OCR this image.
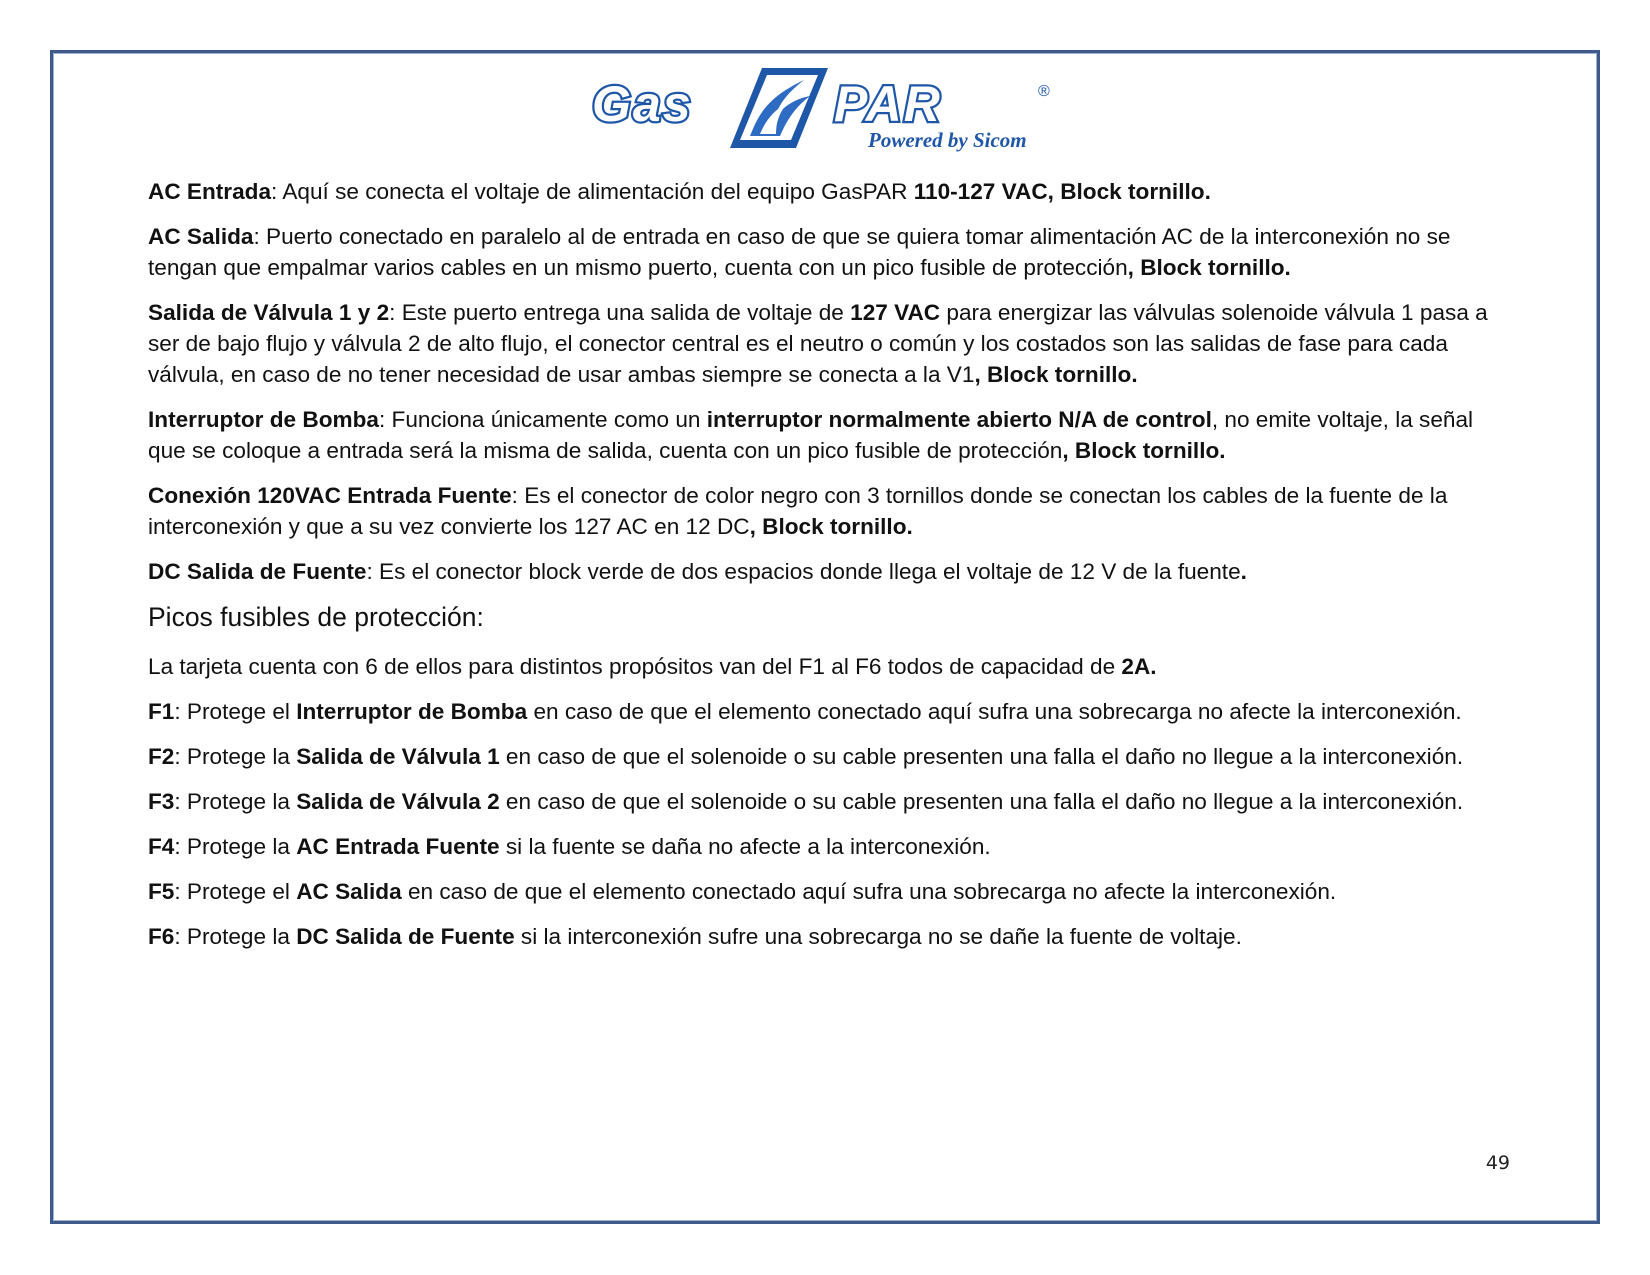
Gas	PAR	®
Powered by Sicom

AC Entrada: Aquí se conecta el voltaje de alimentación del equipo GasPAR 110-127 VAC, Block tornillo.

AC Salida: Puerto conectado en paralelo al de entrada en caso de que se quiera tomar alimentación AC de la interconexión no se tengan que empalmar varios cables en un mismo puerto, cuenta con un pico fusible de protección, Block tornillo.

Salida de Válvula 1 y 2: Este puerto entrega una salida de voltaje de 127 VAC para energizar las válvulas solenoide válvula 1 pasa a ser de bajo flujo y válvula 2 de alto flujo, el conector central es el neutro o común y los costados son las salidas de fase para cada válvula, en caso de no tener necesidad de usar ambas siempre se conecta a la V1, Block tornillo.

Interruptor de Bomba: Funciona únicamente como un interruptor normalmente abierto N/A de control, no emite voltaje, la señal que se coloque a entrada será la misma de salida, cuenta con un pico fusible de protección, Block tornillo.

Conexión 120VAC Entrada Fuente: Es el conector de color negro con 3 tornillos donde se conectan los cables de la fuente de la interconexión y que a su vez convierte los 127 AC en 12 DC, Block tornillo.

DC Salida de Fuente: Es el conector block verde de dos espacios donde llega el voltaje de 12 V de la fuente.

Picos fusibles de protección:

La tarjeta cuenta con 6 de ellos para distintos propósitos van del F1 al F6 todos de capacidad de 2A.

F1: Protege el Interruptor de Bomba en caso de que el elemento conectado aquí sufra una sobrecarga no afecte la interconexión.

F2: Protege la Salida de Válvula 1 en caso de que el solenoide o su cable presenten una falla el daño no llegue a la interconexión.

F3: Protege la Salida de Válvula 2 en caso de que el solenoide o su cable presenten una falla el daño no llegue a la interconexión.

F4: Protege la AC Entrada Fuente si la fuente se daña no afecte a la interconexión.

F5: Protege el AC Salida en caso de que el elemento conectado aquí sufra una sobrecarga no afecte la interconexión.

F6: Protege la DC Salida de Fuente si la interconexión sufre una sobrecarga no se dañe la fuente de voltaje.

49
